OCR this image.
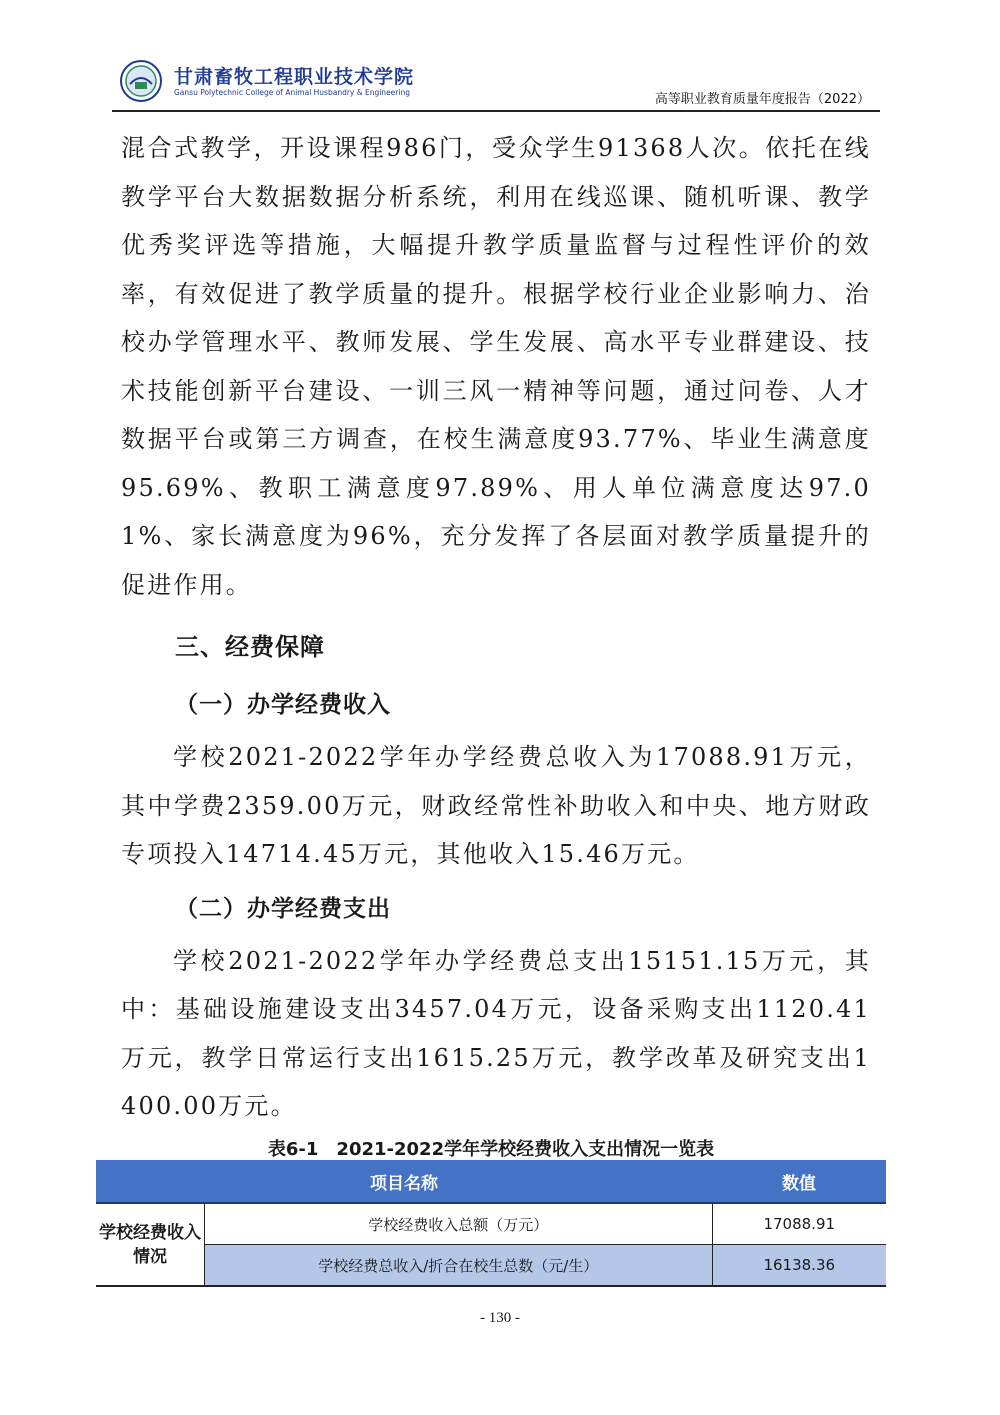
甘肃畜牧工程职业技术学院
Gansu Polytechnic College of Animal Husbandry & Engineering	高等职业教育质量年度报告（2022）

混合式教学，开设课程986门，受众学生91368人次。依托在线教学平台大数据数据分析系统，利用在线巡课、随机听课、教学优秀奖评选等措施，大幅提升教学质量监督与过程性评价的效率，有效促进了教学质量的提升。根据学校行业企业影响力、治校办学管理水平、教师发展、学生发展、高水平专业群建设、技术技能创新平台建设、一训三风一精神等问题，通过问卷、人才数据平台或第三方调查，在校生满意度93.77%、毕业生满意度95.69%、教职工满意度97.89%、用人单位满意度达97.01%、家长满意度为96%，充分发挥了各层面对教学质量提升的促进作用。

三、经费保障
（一）办学经费收入

学校2021-2022学年办学经费总收入为17088.91万元，其中学费2359.00万元，财政经常性补助收入和中央、地方财政专项投入14714.45万元，其他收入15.46万元。

（二）办学经费支出

学校2021-2022学年办学经费总支出15151.15万元，其中：基础设施建设支出3457.04万元，设备采购支出1120.41万元，教学日常运行支出1615.25万元，教学改革及研究支出1400.00万元。

表6-1　2021-2022学年学校经费收入支出情况一览表
项目名称		数值
学校经费收入情况	学校经费收入总额（万元）	17088.91
	学校经费总收入/折合在校生总数（元/生）	16138.36
- 130 -
